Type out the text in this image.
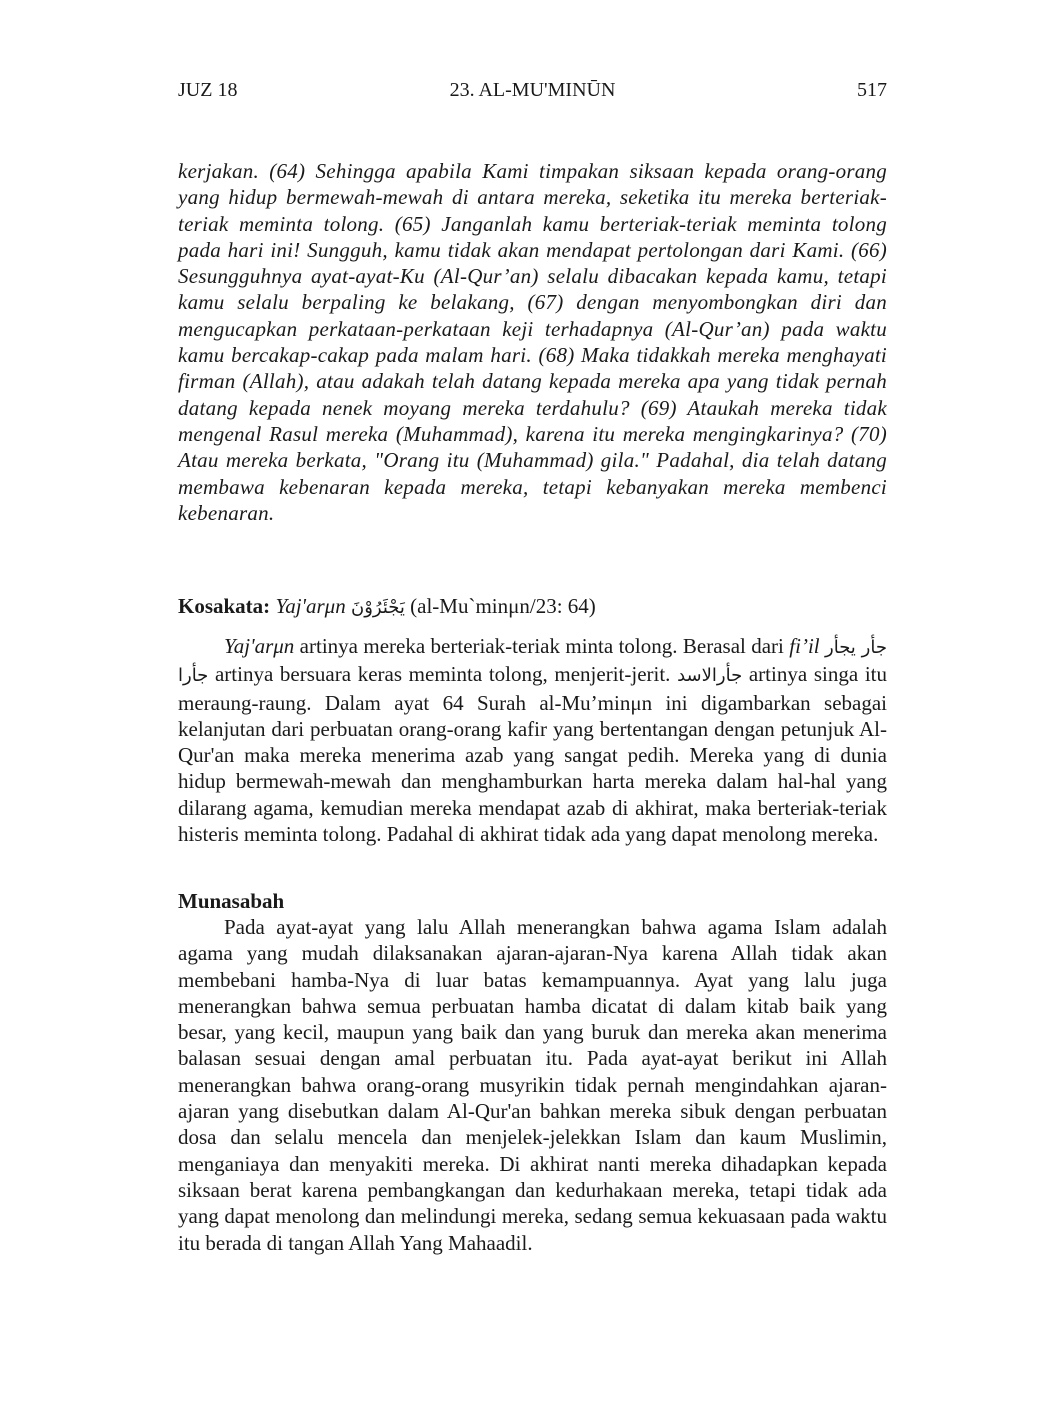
JUZ 18	23. AL-MU'MINŪN	517
kerjakan. (64) Sehingga apabila Kami timpakan siksaan kepada orang-orang yang hidup bermewah-mewah di antara mereka, seketika itu mereka berteriak-teriak meminta tolong. (65) Janganlah kamu berteriak-teriak meminta tolong pada hari ini! Sungguh, kamu tidak akan mendapat pertolongan dari Kami. (66) Sesungguhnya ayat-ayat-Ku (Al-Qur’an) selalu dibacakan kepada kamu, tetapi kamu selalu berpaling ke belakang, (67) dengan menyombongkan diri dan mengucapkan perkataan-perkataan keji terhadapnya (Al-Qur’an) pada waktu kamu bercakap-cakap pada malam hari. (68) Maka tidakkah mereka menghayati firman (Allah), atau adakah telah datang kepada mereka apa yang tidak pernah datang kepada nenek moyang mereka terdahulu? (69) Ataukah mereka tidak mengenal Rasul mereka (Muhammad), karena itu mereka mengingkarinya? (70) Atau mereka berkata, "Orang itu (Muhammad) gila." Padahal, dia telah datang membawa kebenaran kepada mereka, tetapi kebanyakan mereka membenci kebenaran.
Kosakata: Yaj'arμn يَجْئَرُوْنَ (al-Mu`minμn/23: 64)
Yaj'arμn artinya mereka berteriak-teriak minta tolong. Berasal dari fi’il جأر يجأر جأرا artinya bersuara keras meminta tolong, menjerit-jerit. جأرالاسد artinya singa itu meraung-raung. Dalam ayat 64 Surah al-Mu’minμn ini digambarkan sebagai kelanjutan dari perbuatan orang-orang kafir yang bertentangan dengan petunjuk Al-Qur'an maka mereka menerima azab yang sangat pedih. Mereka yang di dunia hidup bermewah-mewah dan menghamburkan harta mereka dalam hal-hal yang dilarang agama, kemudian mereka mendapat azab di akhirat, maka berteriak-teriak histeris meminta tolong. Padahal di akhirat tidak ada yang dapat menolong mereka.
Munasabah
Pada ayat-ayat yang lalu Allah menerangkan bahwa agama Islam adalah agama yang mudah dilaksanakan ajaran-ajaran-Nya karena Allah tidak akan membebani hamba-Nya di luar batas kemampuannya. Ayat yang lalu juga menerangkan bahwa semua perbuatan hamba dicatat di dalam kitab baik yang besar, yang kecil, maupun yang baik dan yang buruk dan mereka akan menerima balasan sesuai dengan amal perbuatan itu. Pada ayat-ayat berikut ini Allah menerangkan bahwa orang-orang musyrikin tidak pernah mengindahkan ajaran-ajaran yang disebutkan dalam Al-Qur'an bahkan mereka sibuk dengan perbuatan dosa dan selalu mencela dan menjelek-jelekkan Islam dan kaum Muslimin, menganiaya dan menyakiti mereka. Di akhirat nanti mereka dihadapkan kepada siksaan berat karena pembangkangan dan kedurhakaan mereka, tetapi tidak ada yang dapat menolong dan melindungi mereka, sedang semua kekuasaan pada waktu itu berada di tangan Allah Yang Mahaadil.
